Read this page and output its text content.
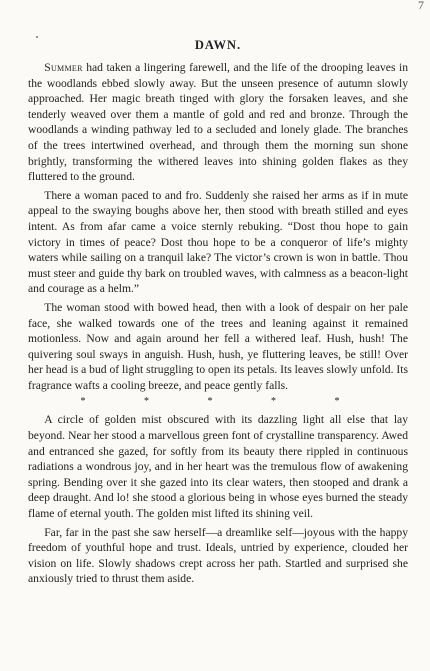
7
DAWN.

Summer had taken a lingering farewell, and the life of the drooping leaves in the woodlands ebbed slowly away. But the unseen presence of autumn slowly approached. Her magic breath tinged with glory the forsaken leaves, and she tenderly weaved over them a mantle of gold and red and bronze. Through the woodlands a winding pathway led to a secluded and lonely glade. The branches of the trees intertwined overhead, and through them the morning sun shone brightly, transforming the withered leaves into shining golden flakes as they fluttered to the ground.

There a woman paced to and fro. Suddenly she raised her arms as if in mute appeal to the swaying boughs above her, then stood with breath stilled and eyes intent. As from afar came a voice sternly rebuking. “Dost thou hope to gain victory in times of peace? Dost thou hope to be a conqueror of life’s mighty waters while sailing on a tranquil lake? The victor’s crown is won in battle. Thou must steer and guide thy bark on troubled waves, with calmness as a beacon-light and courage as a helm.”

The woman stood with bowed head, then with a look of despair on her pale face, she walked towards one of the trees and leaning against it remained motionless. Now and again around her fell a withered leaf. Hush, hush! The quivering soul sways in anguish. Hush, hush, ye fluttering leaves, be still! Over her head is a bud of light struggling to open its petals. Its leaves slowly unfold. Its fragrance wafts a cooling breeze, and peace gently falls.

* * * * *

A circle of golden mist obscured with its dazzling light all else that lay beyond. Near her stood a marvellous green font of crystalline transparency. Awed and entranced she gazed, for softly from its beauty there rippled in continuous radiations a wondrous joy, and in her heart was the tremulous flow of awakening spring. Bending over it she gazed into its clear waters, then stooped and drank a deep draught. And lo! she stood a glorious being in whose eyes burned the steady flame of eternal youth. The golden mist lifted its shining veil.

Far, far in the past she saw herself—a dreamlike self—joyous with the happy freedom of youthful hope and trust. Ideals, untried by experience, clouded her vision on life. Slowly shadows crept across her path. Startled and surprised she anxiously tried to thrust them aside.
